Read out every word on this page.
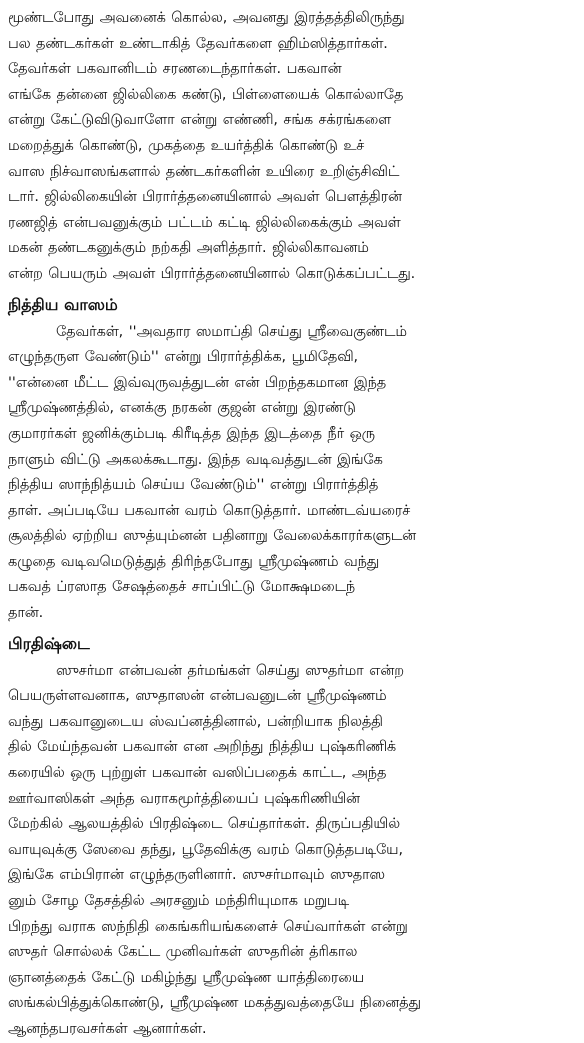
மூண்டபோது அவனைக் கொல்ல, அவனது இரத்தத்திலிருந்து
பல தண்டகர்கள் உண்டாகித் தேவர்களை ஹிம்ஸித்தார்கள்.
தேவர்கள் பகவானிடம் சரணடைந்தார்கள். பகவான்
எங்கே தன்னை ஜில்லிகை கண்டு, பிள்ளையைக் கொல்லாதே
என்று கேட்டுவிடுவாளோ என்று எண்ணி, சங்க சக்ரங்களை
மறைத்துக் கொண்டு, முகத்தை உயர்த்திக் கொண்டு உச்
வாஸ நிச்வாஸங்களால் தண்டகர்களின் உயிரை உறிஞ்சிவிட்
டார். ஜில்லிகையின் பிரார்த்தனையினால் அவள் பௌத்திரன்
ரணஜித் என்பவனுக்கும் பட்டம் கட்டி ஜில்லிகைக்கும் அவள்
மகன் தண்டகனுக்கும் நற்கதி அளித்தார். ஜில்லிகாவனம்
என்ற பெயரும் அவள் பிரார்த்தனையினால் கொடுக்கப்பட்டது.
நித்திய வாஸம்
தேவர்கள், ''அவதார ஸமாப்தி செய்து ஸ்ரீவைகுண்டம்
எழுந்தருள வேண்டும்'' என்று பிரார்த்திக்க, பூமிதேவி,
''என்னை மீட்ட இவ்வுருவத்துடன் என் பிறந்தகமான இந்த
ஸ்ரீமுஷ்ணத்தில், எனக்கு நரகன் குஜன் என்று இரண்டு
குமாரர்கள் ஜனிக்கும்படி கிரீடித்த இந்த இடத்தை நீர் ஒரு
நாளும் விட்டு அகலக்கூடாது. இந்த வடிவத்துடன் இங்கே
நித்திய ஸாந்நித்யம் செய்ய வேண்டும்'' என்று பிரார்த்தித்
தாள். அப்படியே பகவான் வரம் கொடுத்தார். மாண்டவ்யரைச்
சூலத்தில் ஏற்றிய ஸுத்யும்னன் பதினாறு வேலைக்காரர்களுடன்
கழுதை வடிவமெடுத்துத் திரிந்தபோது ஸ்ரீமுஷ்ணம் வந்து
பகவத் ப்ரஸாத சேஷத்தைச் சாப்பிட்டு மோக்ஷமடைந்
தான்.
பிரதிஷ்டை
ஸுசர்மா என்பவன் தர்மங்கள் செய்து ஸுதர்மா என்ற
பெயருள்ளவனாக, ஸுதாஸன் என்பவனுடன் ஸ்ரீமுஷ்ணம்
வந்து பகவானுடைய ஸ்வப்னத்தினால், பன்றியாக நிலத்தி
தில் மேய்ந்தவன் பகவான் என அறிந்து நித்திய புஷ்கரிணிக்
கரையில் ஒரு புற்றுள் பகவான் வஸிப்பதைக் காட்ட, அந்த
ஊர்வாஸிகள் அந்த வராகமூர்த்தியைப் புஷ்கரிணியின்
மேற்கில் ஆலயத்தில் பிரதிஷ்டை செய்தார்கள். திருப்பதியில்
வாயுவுக்கு ஸேவை தந்து, பூதேவிக்கு வரம் கொடுத்தபடியே,
இங்கே எம்பிரான் எழுந்தருளினார். ஸுசர்மாவும் ஸுதாஸ
னும் சோழ தேசத்தில் அரசனும் மந்திரியுமாக மறுபடி
பிறந்து வராக ஸந்நிதி கைங்கரியங்களைச் செய்வார்கள் என்று
ஸுதர் சொல்லக் கேட்ட முனிவர்கள் ஸுதரின் த்ரிகால
ஞானத்தைக் கேட்டு மகிழ்ந்து ஸ்ரீமுஷ்ண யாத்திரையை
ஸங்கல்பித்துக்கொண்டு, ஸ்ரீமுஷ்ண மகத்துவத்தையே நினைத்து
ஆனந்தபரவசர்கள் ஆனார்கள்.
